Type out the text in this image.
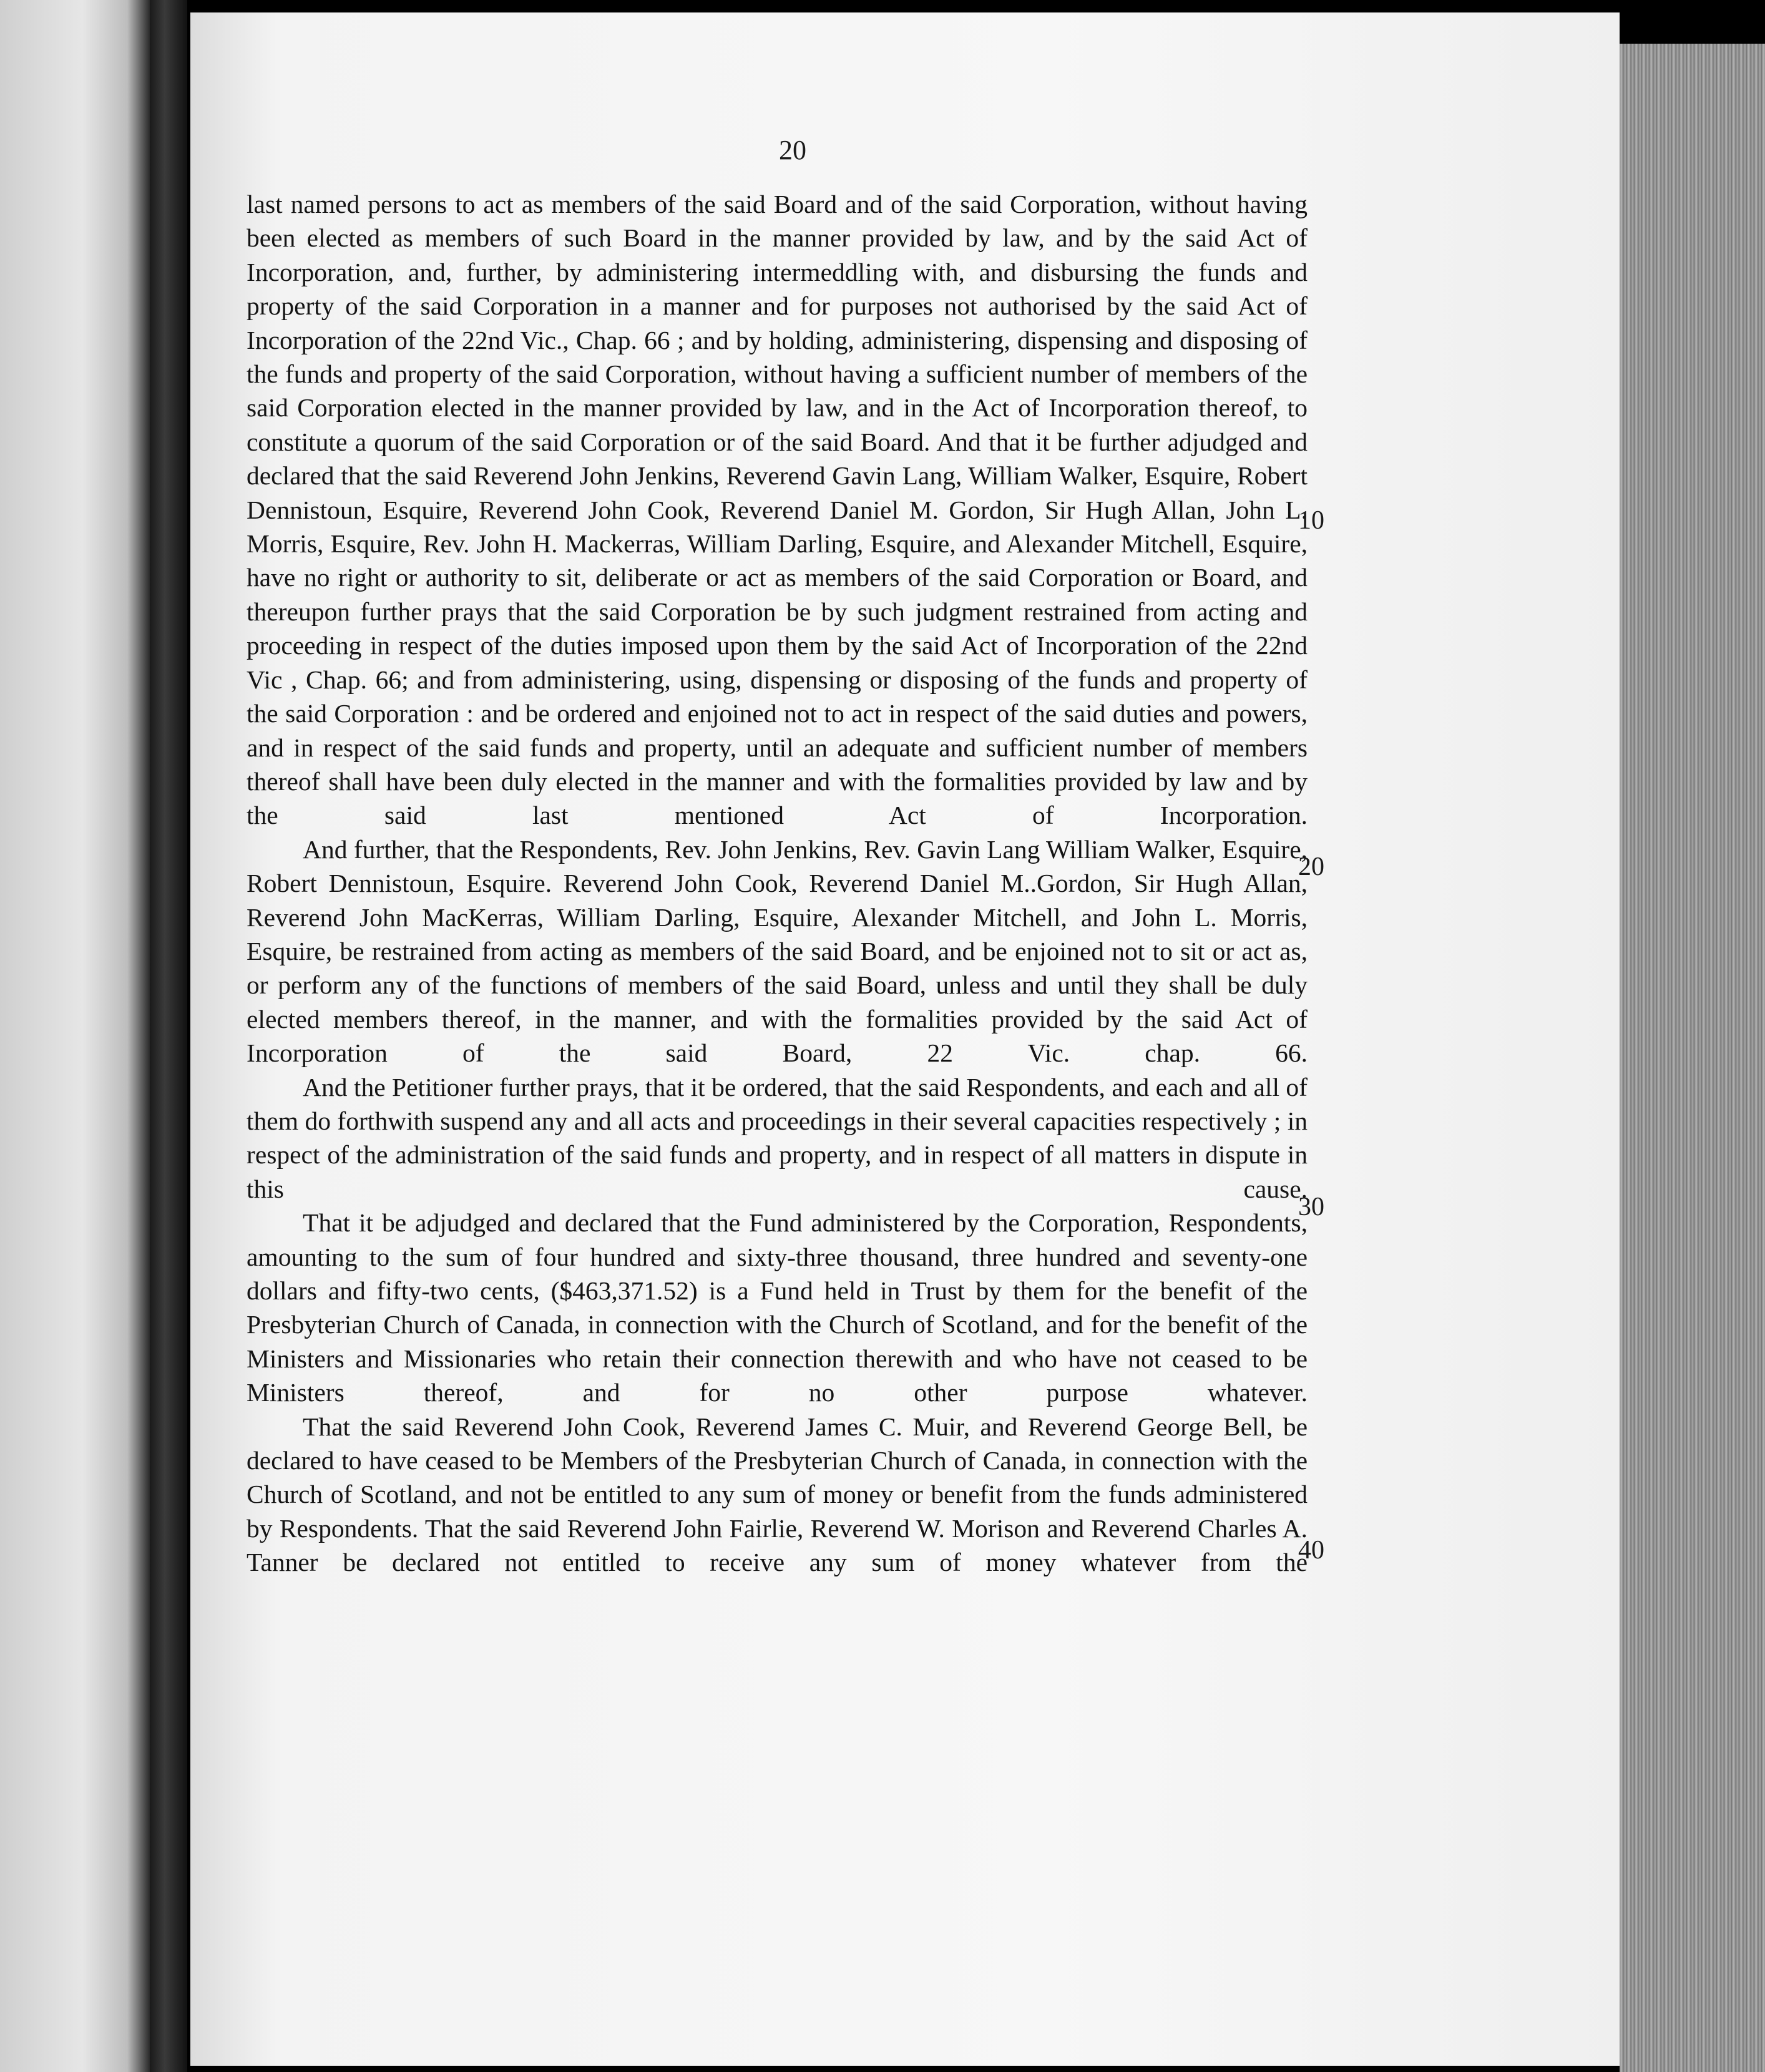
20

last named persons to act as members of the said Board and of the said Corporation, without having been elected as members of such Board in the manner provided by law, and by the said Act of Incorporation, and, further, by administering intermeddling with, and disbursing the funds and property of the said Corporation in a manner and for purposes not authorised by the said Act of Incorporation of the 22nd Vic., Chap. 66 ; and by holding, administering, dispensing and disposing of the funds and property of the said Corporation, without having a sufficient number of members of the said Corporation elected in the manner provided by law, and in the Act of Incorporation thereof, to constitute a quorum of the said Corporation or of the said Board. And that it be further adjudged and declared that the said Reverend John Jenkins, Reverend Gavin Lang, William Walker, Esquire, Robert Dennistoun, Esquire, Reverend John Cook, Reverend Daniel M. Gordon, Sir Hugh Allan, John L. Morris, Esquire, Rev. John H. Mackerras, William Darling, Esquire, and Alexander Mitchell, Esquire, have no right or authority to sit, deliberate or act as members of the said Corporation or Board, and thereupon further prays that the said Corporation be by such judgment restrained from acting and proceeding in respect of the duties imposed upon them by the said Act of Incorporation of the 22nd Vic , Chap. 66; and from administering, using, dispensing or disposing of the funds and property of the said Corporation : and be ordered and enjoined not to act in respect of the said duties and powers, and in respect of the said funds and property, until an adequate and sufficient number of members thereof shall have been duly elected in the manner and with the formalities provided by law and by the said last mentioned Act of Incorporation.

And further, that the Respondents, Rev. John Jenkins, Rev. Gavin Lang William Walker, Esquire, Robert Dennistoun, Esquire. Reverend John Cook, Reverend Daniel M..Gordon, Sir Hugh Allan, Reverend John MacKerras, William Darling, Esquire, Alexander Mitchell, and John L. Morris, Esquire, be restrained from acting as members of the said Board, and be enjoined not to sit or act as, or perform any of the functions of members of the said Board, unless and until they shall be duly elected members thereof, in the manner, and with the formalities provided by the said Act of Incorporation of the said Board, 22 Vic. chap. 66.

And the Petitioner further prays, that it be ordered, that the said Respondents, and each and all of them do forthwith suspend any and all acts and proceedings in their several capacities respectively ; in respect of the administration of the said funds and property, and in respect of all matters in dispute in this cause.

That it be adjudged and declared that the Fund administered by the Corporation, Respondents, amounting to the sum of four hundred and sixty-three thousand, three hundred and seventy-one dollars and fifty-two cents, ($463,371.52) is a Fund held in Trust by them for the benefit of the Presbyterian Church of Canada, in connection with the Church of Scotland, and for the benefit of the Ministers and Missionaries who retain their connection therewith and who have not ceased to be Ministers thereof, and for no other purpose whatever.

That the said Reverend John Cook, Reverend James C. Muir, and Reverend George Bell, be declared to have ceased to be Members of the Presbyterian Church of Canada, in connection with the Church of Scotland, and not be entitled to any sum of money or benefit from the funds administered by Respondents. That the said Reverend John Fairlie, Reverend W. Morison and Reverend Charles A. Tanner be declared not entitled to receive any sum of money whatever from the

10

20

30

40
